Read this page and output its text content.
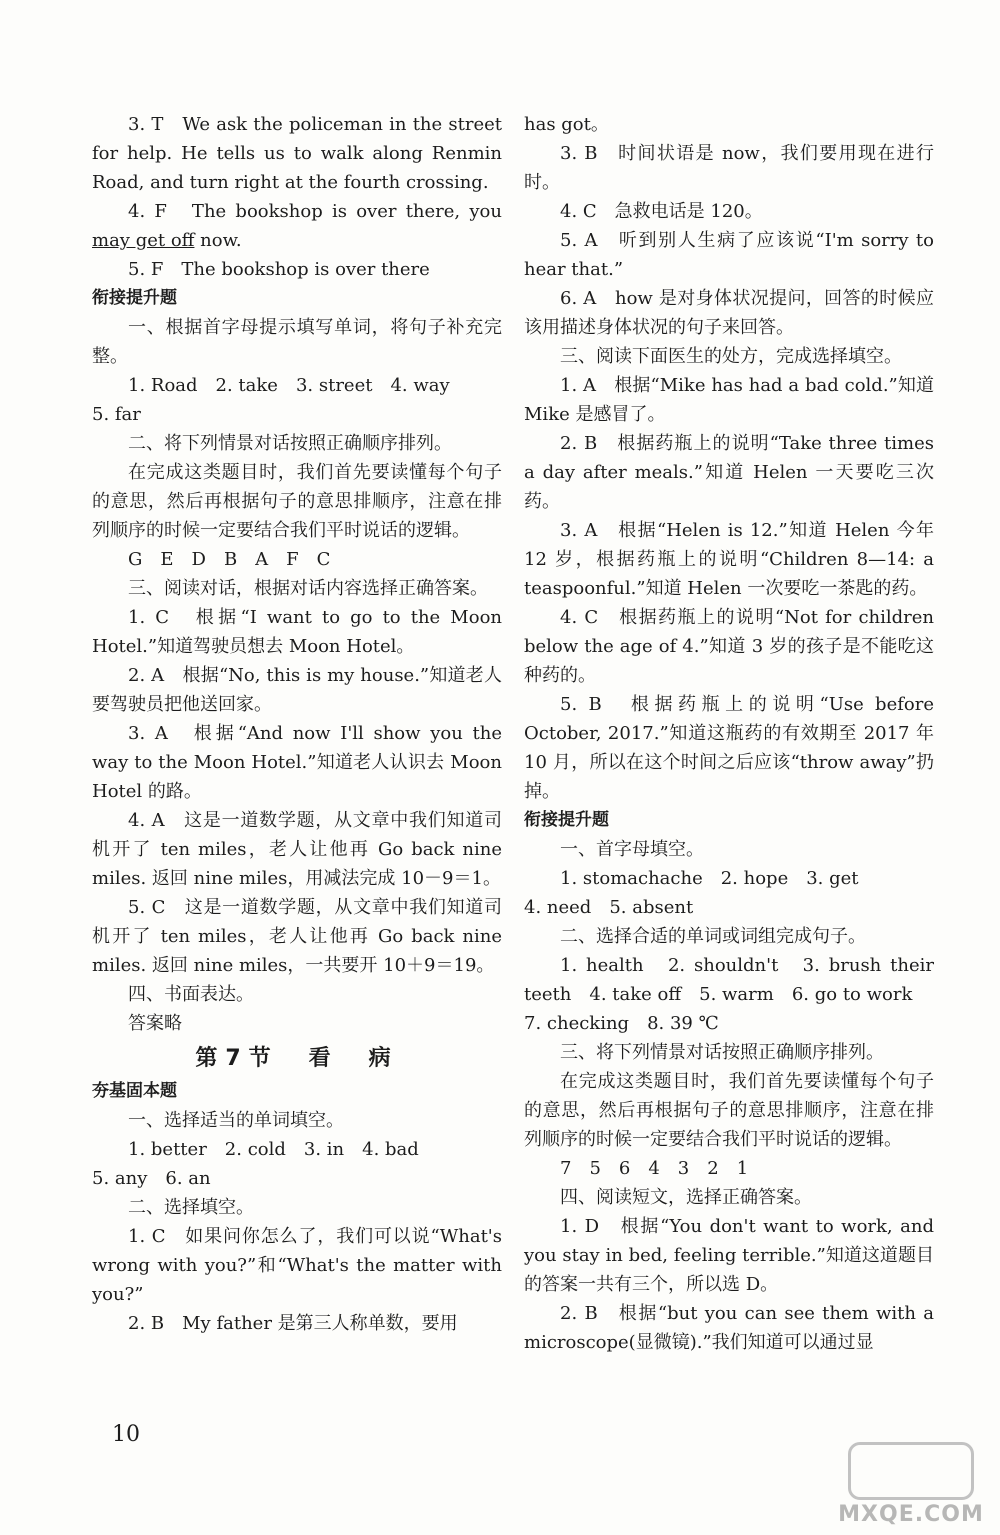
3. T　We ask the policeman in the street for help. He tells us to walk along Renmin Road, and turn right at the fourth crossing.

4. F　The bookshop is over there, you may get off now.

5. F　The bookshop is over there

衔接提升题

一、根据首字母提示填写单词，将句子补充完整。

1. Road　2. take　3. street　4. way

5. far

二、将下列情景对话按照正确顺序排列。

在完成这类题目时，我们首先要读懂每个句子的意思，然后再根据句子的意思排顺序，注意在排列顺序的时候一定要结合我们平时说话的逻辑。

G　E　D　B　A　F　C

三、阅读对话，根据对话内容选择正确答案。

1. C　根据“I want to go to the Moon Hotel.”知道驾驶员想去 Moon Hotel。

2. A　根据“No, this is my house.”知道老人要驾驶员把他送回家。

3. A　根据“And now I'll show you the way to the Moon Hotel.”知道老人认识去 Moon Hotel 的路。

4. A　这是一道数学题，从文章中我们知道司机开了 ten miles，老人让他再 Go back nine miles. 返回 nine miles，用减法完成 10－9＝1。

5. C　这是一道数学题，从文章中我们知道司机开了 ten miles，老人让他再 Go back nine miles. 返回 nine miles，一共要开 10＋9＝19。

四、书面表达。

答案略

第7节　看　病

夯基固本题

一、选择适当的单词填空。

1. better　2. cold　3. in　4. bad

5. any　6. an

二、选择填空。

1. C　如果问你怎么了，我们可以说“What's wrong with you?”和“What's the matter with you?”

2. B　My father 是第三人称单数，要用

has got。

3. B　时间状语是 now，我们要用现在进行时。

4. C　急救电话是 120。

5. A　听到别人生病了应该说“I'm sorry to hear that.”

6. A　how 是对身体状况提问，回答的时候应该用描述身体状况的句子来回答。

三、阅读下面医生的处方，完成选择填空。

1. A　根据“Mike has had a bad cold.”知道 Mike 是感冒了。

2. B　根据药瓶上的说明“Take three times a day after meals.”知道 Helen 一天要吃三次药。

3. A　根据“Helen is 12.”知道 Helen 今年 12 岁，根据药瓶上的说明“Children 8—14: a teaspoonful.”知道 Helen 一次要吃一茶匙的药。

4. C　根据药瓶上的说明“Not for children below the age of 4.”知道 3 岁的孩子是不能吃这种药的。

5. B　根据药瓶上的说明“Use before October, 2017.”知道这瓶药的有效期至 2017 年 10 月，所以在这个时间之后应该“throw away”扔掉。

衔接提升题

一、首字母填空。

1. stomachache　2. hope　3. get

4. need　5. absent

二、选择合适的单词或词组完成句子。

1. health　2. shouldn't　3. brush their teeth　4. take off　5. warm　6. go to work

7. checking　8. 39 ℃

三、将下列情景对话按照正确顺序排列。

在完成这类题目时，我们首先要读懂每个句子的意思，然后再根据句子的意思排顺序，注意在排列顺序的时候一定要结合我们平时说话的逻辑。

7　5　6　4　3　2　1

四、阅读短文，选择正确答案。

1. D　根据“You don't want to work, and you stay in bed, feeling terrible.”知道这道题目的答案一共有三个，所以选 D。

2. B　根据“but you can see them with a microscope(显微镜).”我们知道可以通过显

10
MXQE.COM
